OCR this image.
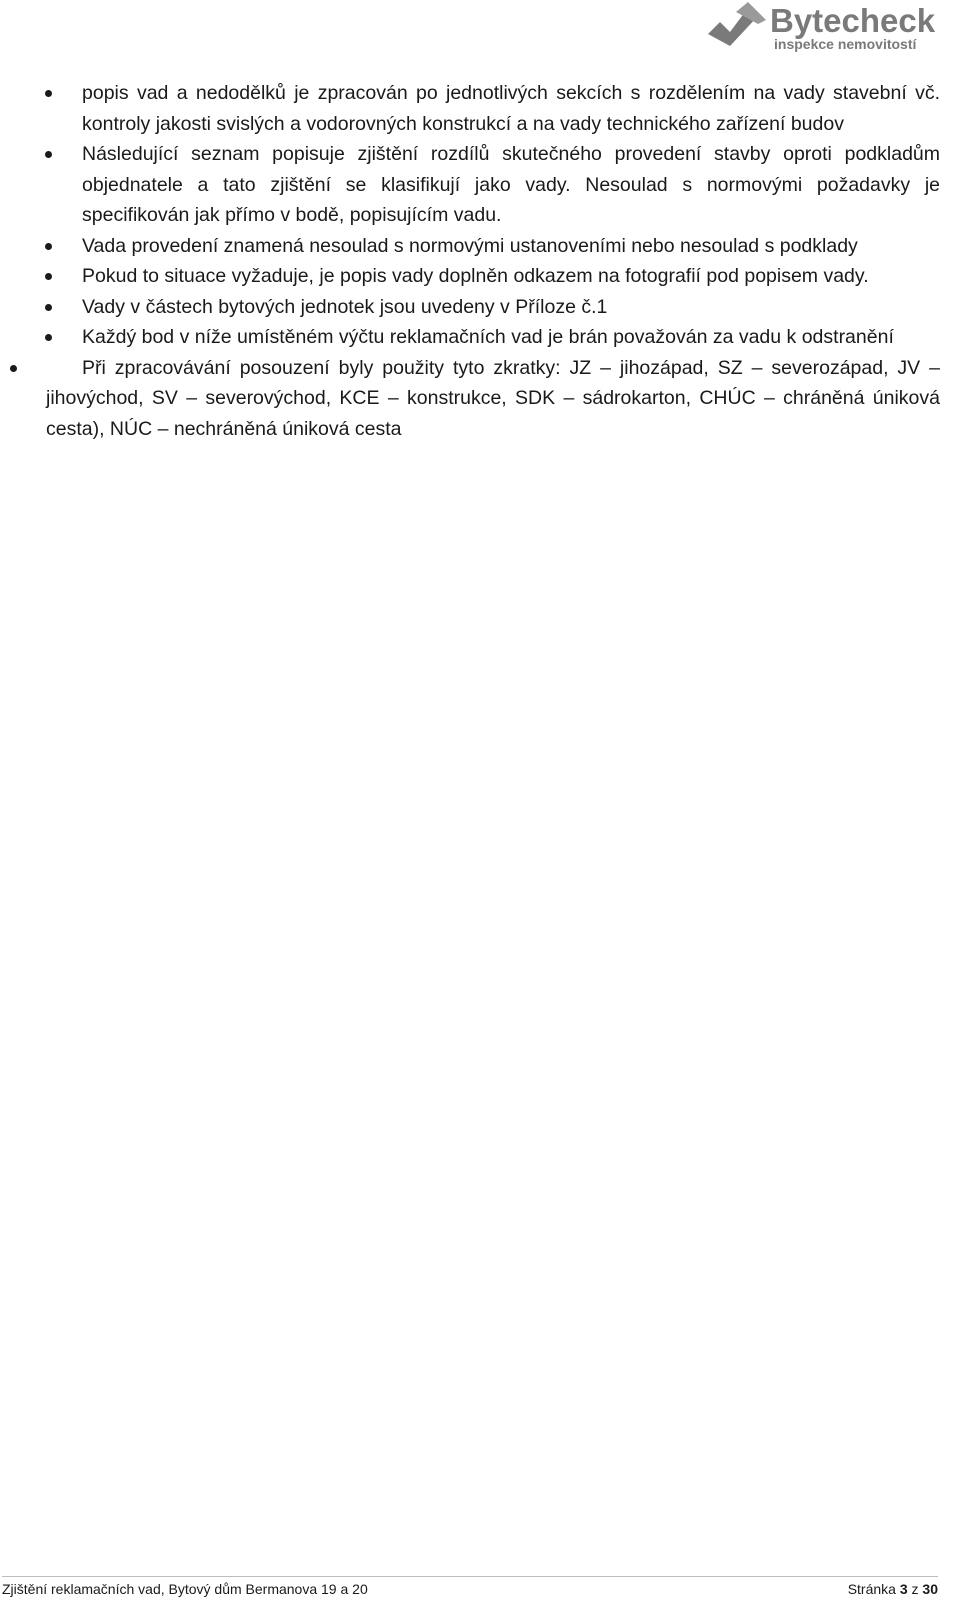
Bytecheck
inspekce nemovitostí
popis vad a nedodělků je zpracován po jednotlivých sekcích s rozdělením na vady stavební vč. kontroly jakosti svislých a vodorovných konstrukcí a na vady technického zařízení budov
Následující seznam popisuje zjištění rozdílů skutečného provedení stavby oproti podkladům objednatele a tato zjištění se klasifikují jako vady. Nesoulad s normovými požadavky je specifikován jak přímo v bodě, popisujícím vadu.
Vada provedení znamená nesoulad s normovými ustanoveními nebo nesoulad s podklady
Pokud to situace vyžaduje, je popis vady doplněn odkazem na fotografií pod popisem vady.
Vady v částech bytových jednotek jsou uvedeny v Příloze č.1
Každý bod v níže umístěném výčtu reklamačních vad je brán považován za vadu k odstranění
Při zpracovávání posouzení byly použity tyto zkratky: JZ – jihozápad, SZ – severozápad, JV – jihovýchod, SV – severovýchod, KCE – konstrukce, SDK – sádrokarton, CHÚC – chráněná úniková cesta), NÚC – nechráněná úniková cesta
Zjištění reklamačních vad, Bytový dům Bermanova 19 a 20	Stránka 3 z 30
